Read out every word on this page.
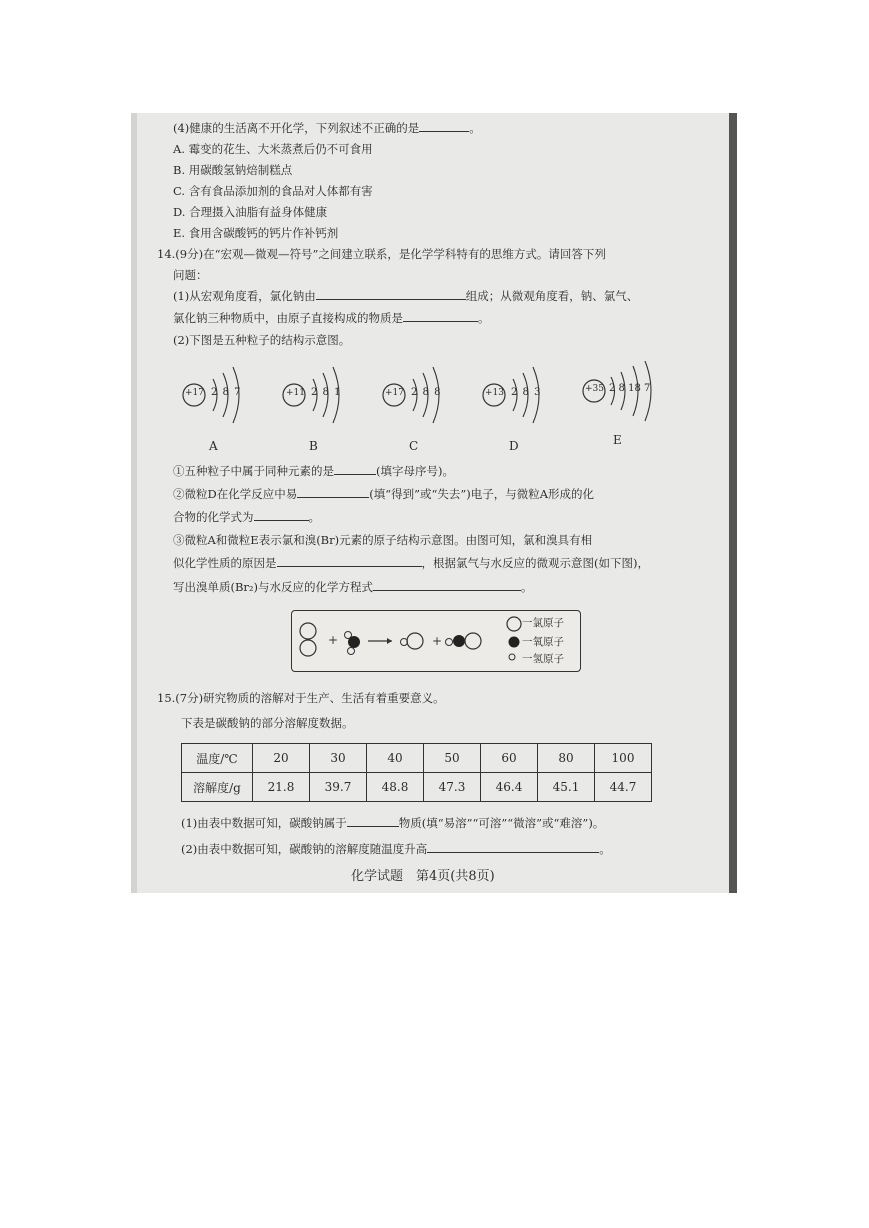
(4)健康的生活离不开化学，下列叙述不正确的是	。
A. 霉变的花生、大米蒸煮后仍不可食用
B. 用碳酸氢钠焙制糕点
C. 含有食品添加剂的食品对人体都有害
D. 合理摄入油脂有益身体健康
E. 食用含碳酸钙的钙片作补钙剂
14.(9分)在“宏观—微观—符号”之间建立联系，是化学学科特有的思维方式。请回答下列
问题：
(1)从宏观角度看，氯化钠由	组成；从微观角度看，钠、氯气、
氯化钠三种物质中，由原子直接构成的物质是	。
(2)下图是五种粒子的结构示意图。
+17 2 8 7
A
+11 2 8 1
B
+17 2 8 8
C
+13 2 8 3
D
+35 2 8 18 7
E
①五种粒子中属于同种元素的是	(填字母序号)。
②微粒D在化学反应中易	(填“得到”或“失去”)电子，与微粒A形成的化
合物的化学式为	。
③微粒A和微粒E表示氯和溴(Br)元素的原子结构示意图。由图可知，氯和溴具有相
似化学性质的原因是	，根据氯气与水反应的微观示意图(如下图)，
写出溴单质(Br₂)与水反应的化学方程式	。
+	+
一氯原子
一氧原子
一氢原子
15.(7分)研究物质的溶解对于生产、生活有着重要意义。
下表是碳酸钠的部分溶解度数据。
温度/℃	20	30	40	50	60	80	100
溶解度/g	21.8	39.7	48.8	47.3	46.4	45.1	44.7
(1)由表中数据可知，碳酸钠属于	物质(填“易溶”“可溶”“微溶”或“难溶”)。
(2)由表中数据可知，碳酸钠的溶解度随温度升高	。
化学试题　第4页(共8页)
